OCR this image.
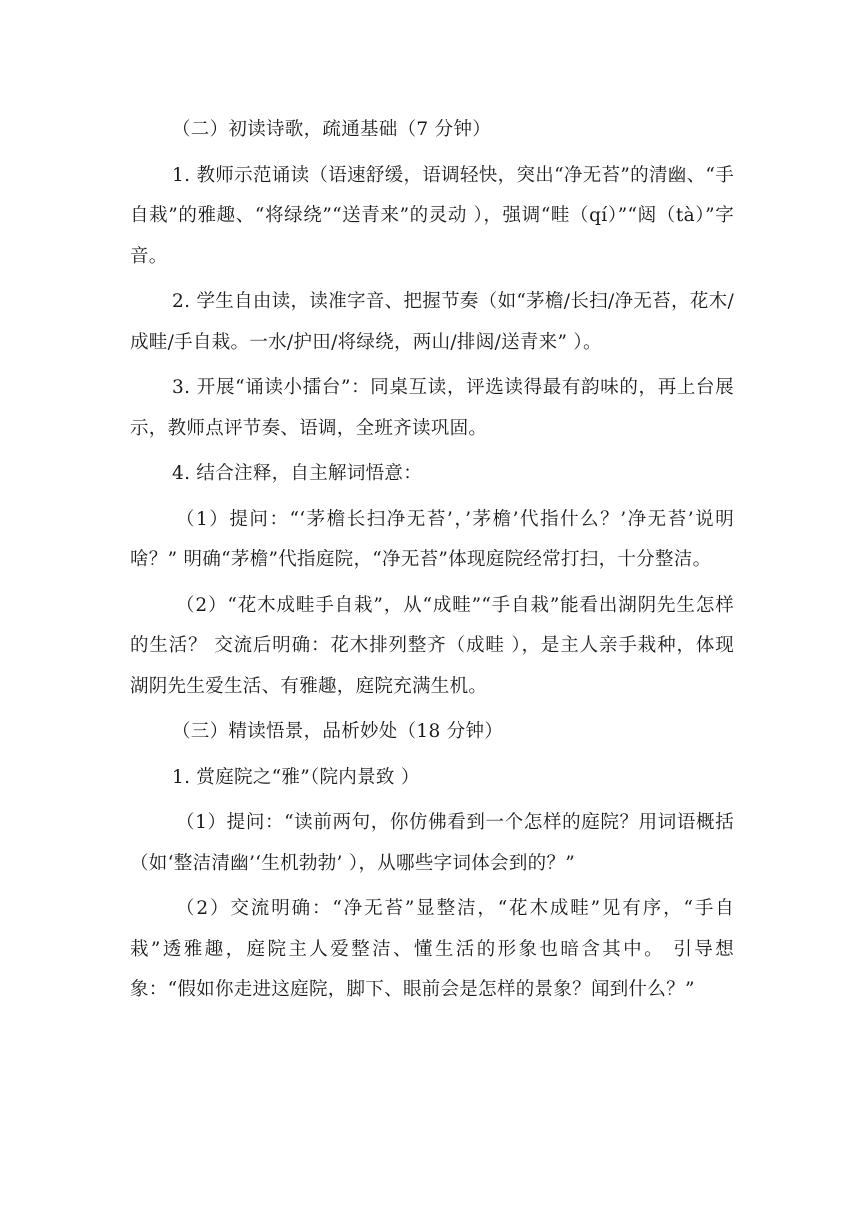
（二）初读诗歌，疏通基础（7 分钟）

1. 教师示范诵读（语速舒缓，语调轻快，突出“净无苔”的清幽、“手自栽”的雅趣、“将绿绕”“送青来”的灵动 ），强调“畦（qí）”“闼（tà）”字音。

2. 学生自由读，读准字音、把握节奏（如“茅檐/长扫/净无苔，花木/成畦/手自栽。一水/护田/将绿绕，两山/排闼/送青来” ）。

3. 开展“诵读小擂台”：同桌互读，评选读得最有韵味的，再上台展示，教师点评节奏、语调，全班齐读巩固。

4. 结合注释，自主解词悟意：

（1）提问：“‘茅檐长扫净无苔’，’茅檐’代指什么？’净无苔’说明啥？” 明确“茅檐”代指庭院，“净无苔”体现庭院经常打扫，十分整洁。

（2）“花木成畦手自栽”，从“成畦”“手自栽”能看出湖阴先生怎样的生活？ 交流后明确：花木排列整齐（成畦 ），是主人亲手栽种，体现湖阴先生爱生活、有雅趣，庭院充满生机。

（三）精读悟景，品析妙处（18 分钟）

1. 赏庭院之“雅”（院内景致 ）

（1）提问：“读前两句，你仿佛看到一个怎样的庭院？用词语概括（如‘整洁清幽’‘生机勃勃’ ），从哪些字词体会到的？”

（2）交流明确：“净无苔”显整洁，“花木成畦”见有序，“手自栽”透雅趣，庭院主人爱整洁、懂生活的形象也暗含其中。 引导想象：“假如你走进这庭院，脚下、眼前会是怎样的景象？闻到什么？”
